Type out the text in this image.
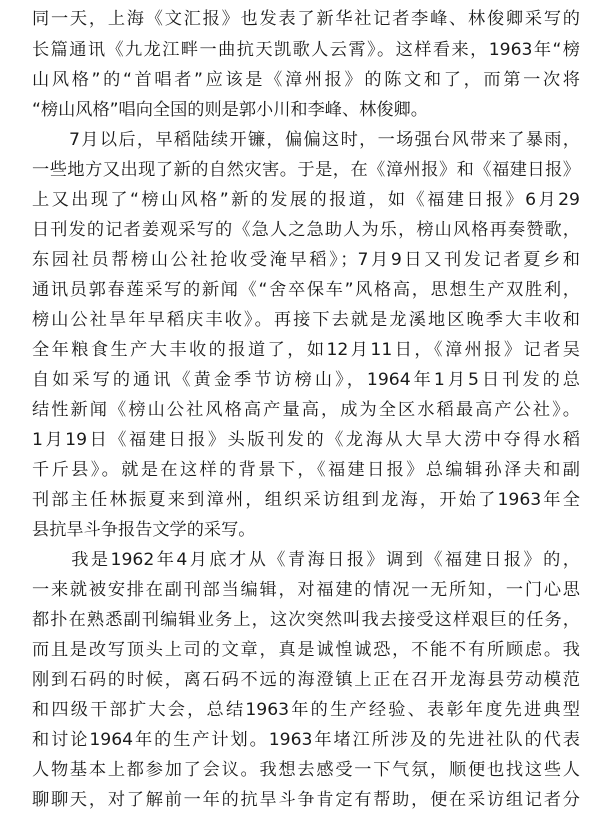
同一天，上海《文汇报》也发表了新华社记者李峰、林俊卿采写的
长篇通讯《九龙江畔一曲抗天凯歌人云霄》。这样看来，1963年“榜
山风格”的“首唱者”应该是《漳州报》的陈文和了，而第一次将
“榜山风格”唱向全国的则是郭小川和李峰、林俊卿。
　　7月以后，早稻陆续开镰，偏偏这时，一场强台风带来了暴雨，
一些地方又出现了新的自然灾害。于是，在《漳州报》和《福建日报》
上又出现了“榜山风格”新的发展的报道，如《福建日报》6月29
日刊发的记者姜观采写的《急人之急助人为乐，榜山风格再奏赞歌，
东园社员帮榜山公社抢收受淹早稻》；7月9日又刊发记者夏乡和
通讯员郭春莲采写的新闻《“舍卒保车”风格高，思想生产双胜利，
榜山公社旱年早稻庆丰收》。再接下去就是龙溪地区晚季大丰收和
全年粮食生产大丰收的报道了，如12月11日，《漳州报》记者吴
自如采写的通讯《黄金季节访榜山》，1964年1月5日刊发的总
结性新闻《榜山公社风格高产量高，成为全区水稻最高产公社》。
1月19日《福建日报》头版刊发的《龙海从大旱大涝中夺得水稻
千斤县》。就是在这样的背景下，《福建日报》总编辑孙泽夫和副
刊部主任林振夏来到漳州，组织采访组到龙海，开始了1963年全
县抗旱斗争报告文学的采写。
　　我是1962年4月底才从《青海日报》调到《福建日报》的，
一来就被安排在副刊部当编辑，对福建的情况一无所知，一门心思
都扑在熟悉副刊编辑业务上，这次突然叫我去接受这样艰巨的任务，
而且是改写顶头上司的文章，真是诚惶诚恐，不能不有所顾虑。我
刚到石码的时候，离石码不远的海澄镇上正在召开龙海县劳动模范
和四级干部扩大会，总结1963年的生产经验、表彰年度先进典型
和讨论1964年的生产计划。1963年堵江所涉及的先进社队的代表
人物基本上都参加了会议。我想去感受一下气氛，顺便也找这些人
聊聊天，对了解前一年的抗旱斗争肯定有帮助，便在采访组记者分
